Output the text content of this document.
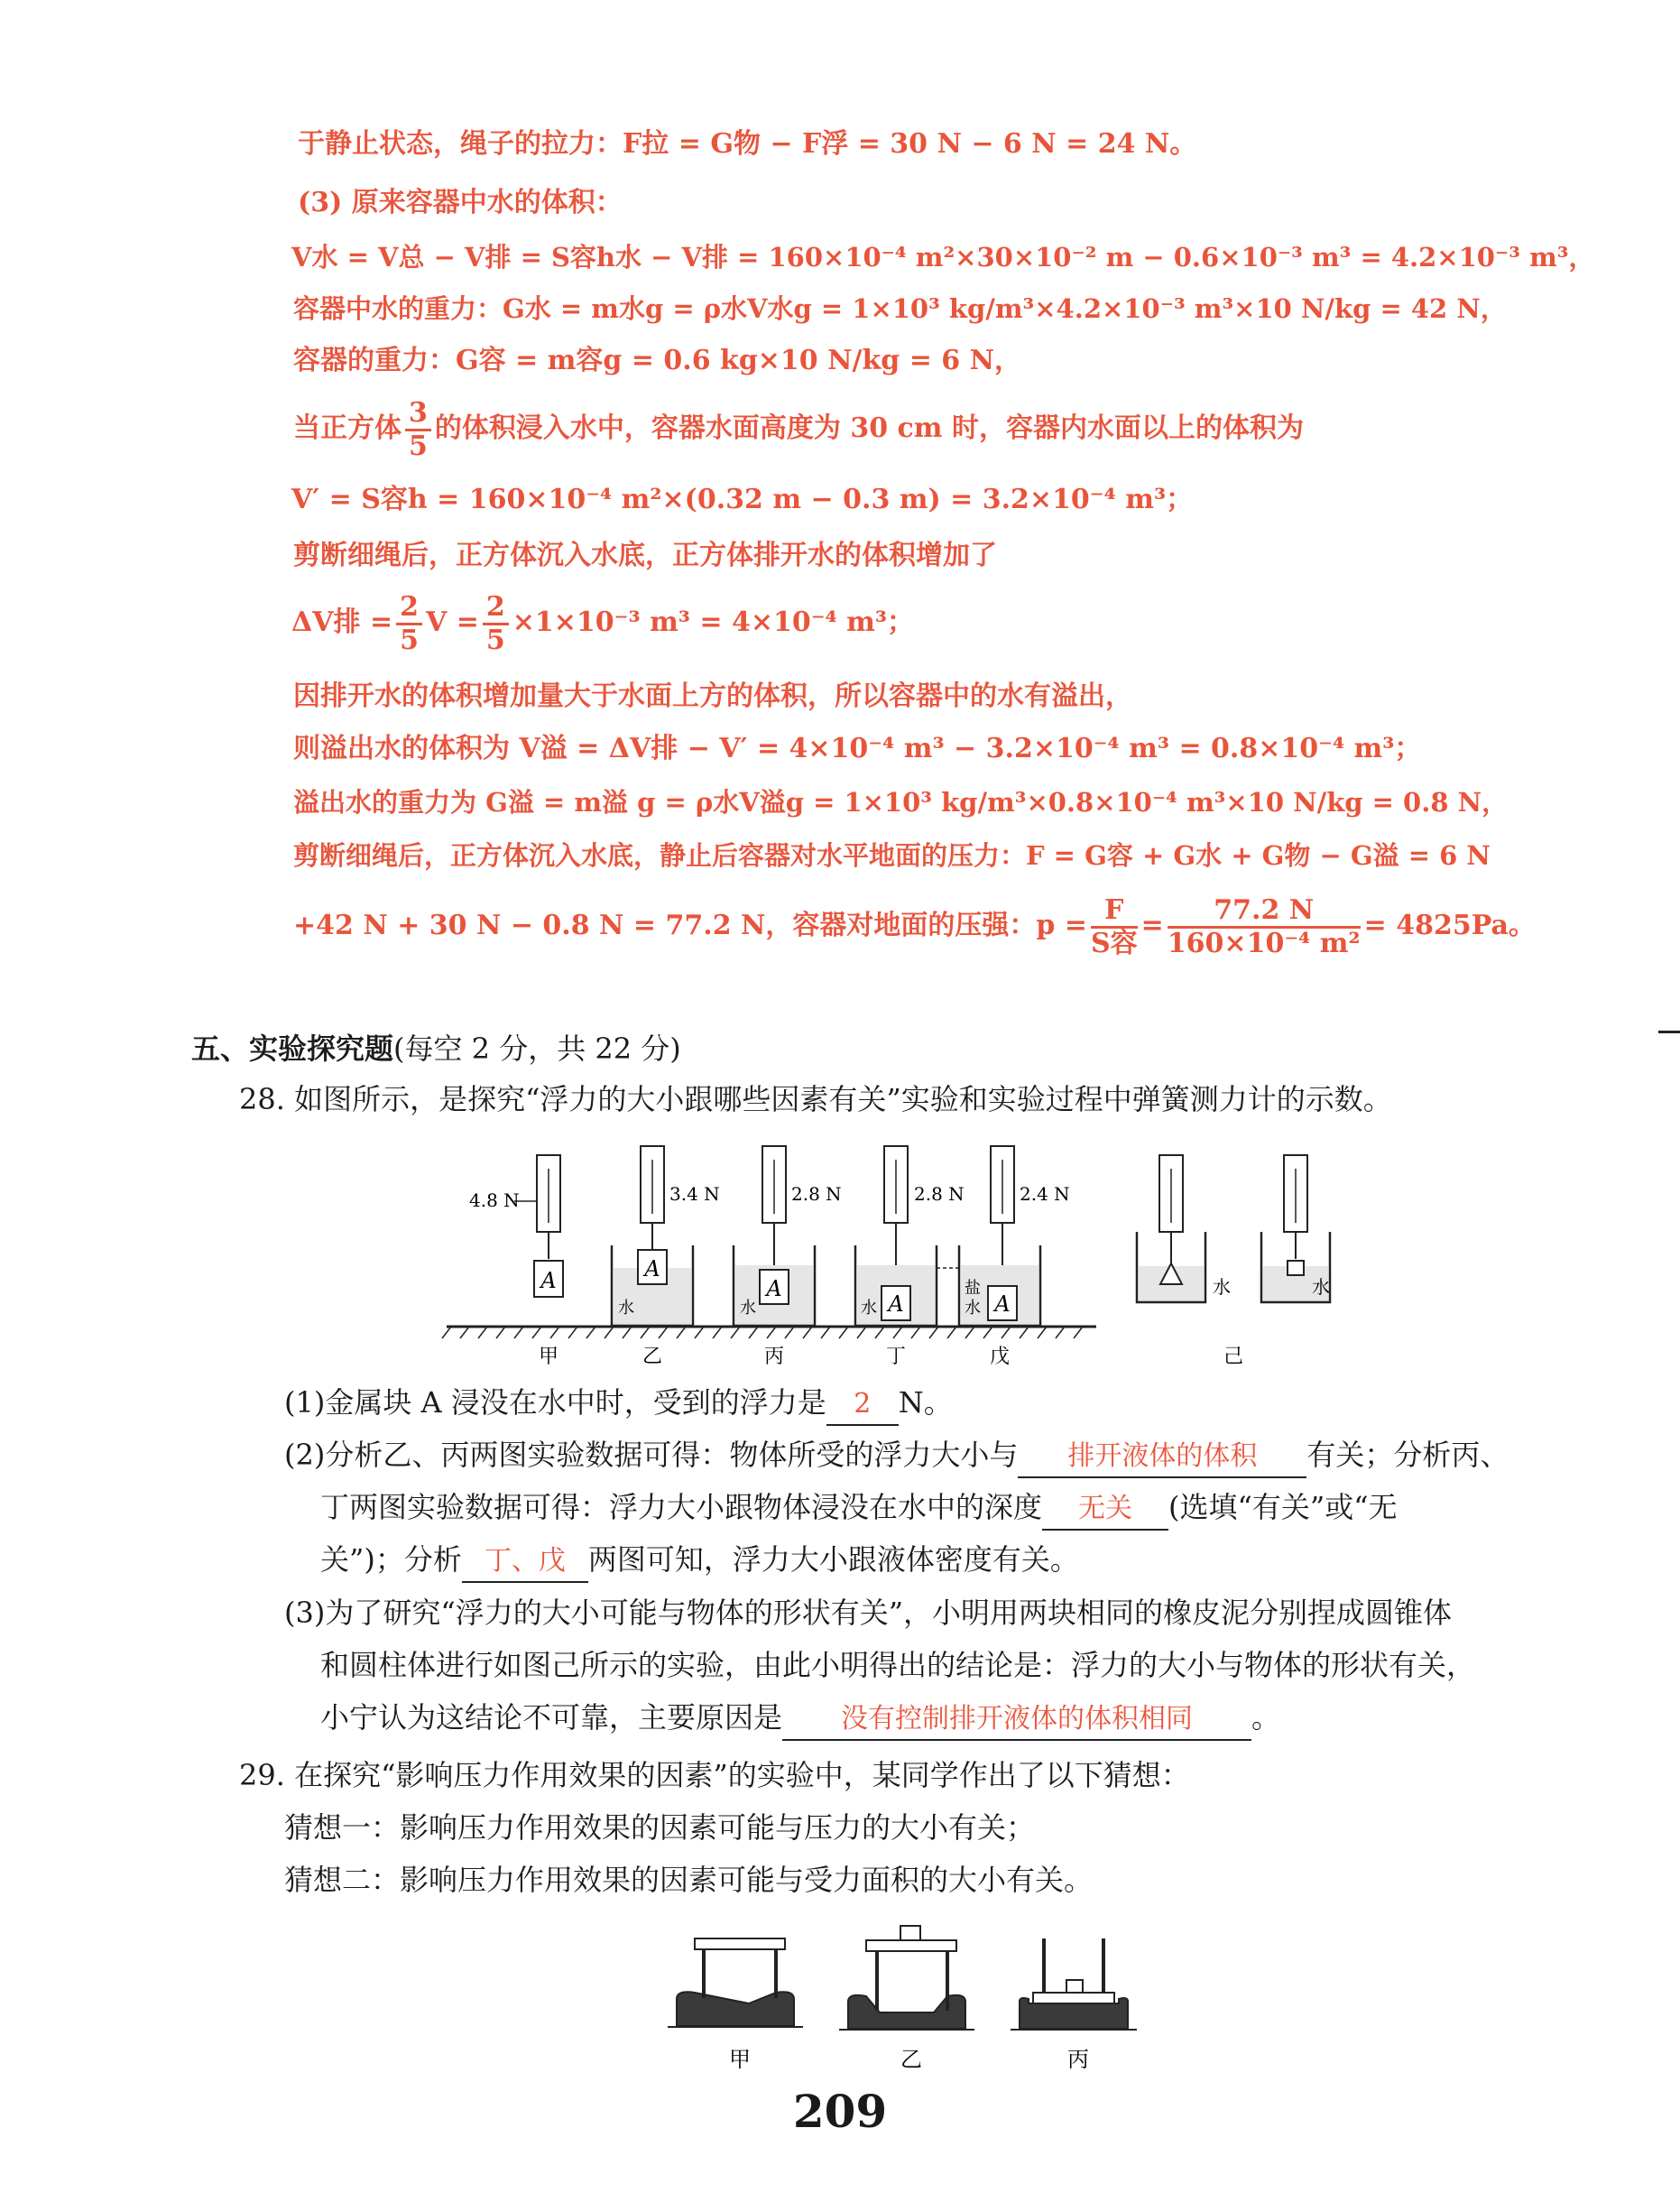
于静止状态，绳子的拉力：F拉 = G物 − F浮 = 30 N − 6 N = 24 N。
(3) 原来容器中水的体积：
V水 = V总 − V排 = S容h水 − V排 = 160×10⁻⁴ m²×30×10⁻² m − 0.6×10⁻³ m³ = 4.2×10⁻³ m³，
容器中水的重力：G水 = m水g = ρ水V水g = 1×10³ kg/m³×4.2×10⁻³ m³×10 N/kg = 42 N，
容器的重力：G容 = m容g = 0.6 kg×10 N/kg = 6 N，
当正方体 $\frac{3}{5}$ 的体积浸入水中，容器水面高度为 30 cm 时，容器内水面以上的体积为
V′ = S容h = 160×10⁻⁴ m²×(0.32 m − 0.3 m) = 3.2×10⁻⁴ m³；
剪断细绳后，正方体沉入水底，正方体排开水的体积增加了
ΔV排 = $\frac{2}{5}$ $V = \frac{2}{5} \times 1\times 10^{-3}$ m³ = 4×10⁻⁴ m³；
因排开水的体积增加量大于水面上方的体积，所以容器中的水有溢出，
则溢出水的体积为 V溢 = ΔV排 − V′ = 4×10⁻⁴ m³ − 3.2×10⁻⁴ m³ = 0.8×10⁻⁴ m³；
溢出水的重力为 G溢 = m溢 g = ρ水V溢g = 1×10³ kg/m³×0.8×10⁻⁴ m³×10 N/kg = 0.8 N，
剪断细绳后，正方体沉入水底，静止后容器对水平地面的压力：F = G容 + G水 + G物 − G溢 = 6 N
+42 N + 30 N − 0.8 N = 77.2 N，容器对地面的压强：$p = \frac{F}{\text{S容}} = \frac{77.2 N}{\text{160×10⁻⁴ m²}} = 4825Pa$。
五、实验探究题(每空 2 分，共 22 分)
28. 如图所示，是探究“浮力的大小跟哪些因素有关”实验和实验过程中弹簧测力计的示数。
A
4.8 N
A
3.4 N
水
A
2.8 N
水	A
2.8 N
水	A
2.4 N
盐
水
水	水
甲	乙	丙	丁	戊	己
(1)金属块 A 浸没在水中时，受到的浮力是 2 N。
(2)分析乙、丙两图实验数据可得：物体所受的浮力大小与 排开液体的体积 有关；分析丙、
丁两图实验数据可得：浮力大小跟物体浸没在水中的深度 无关 (选填“有关”或“无
关”)；分析 丁、戊 两图可知，浮力大小跟液体密度有关。
(3)为了研究“浮力的大小可能与物体的形状有关”，小明用两块相同的橡皮泥分别捏成圆锥体
和圆柱体进行如图己所示的实验，由此小明得出的结论是：浮力的大小与物体的形状有关，
小宁认为这结论不可靠，主要原因是 没有控制排开液体的体积相同 。
29. 在探究“影响压力作用效果的因素”的实验中，某同学作出了以下猜想：
猜想一：影响压力作用效果的因素可能与压力的大小有关；
猜想二：影响压力作用效果的因素可能与受力面积的大小有关。
甲	乙	丙
209
